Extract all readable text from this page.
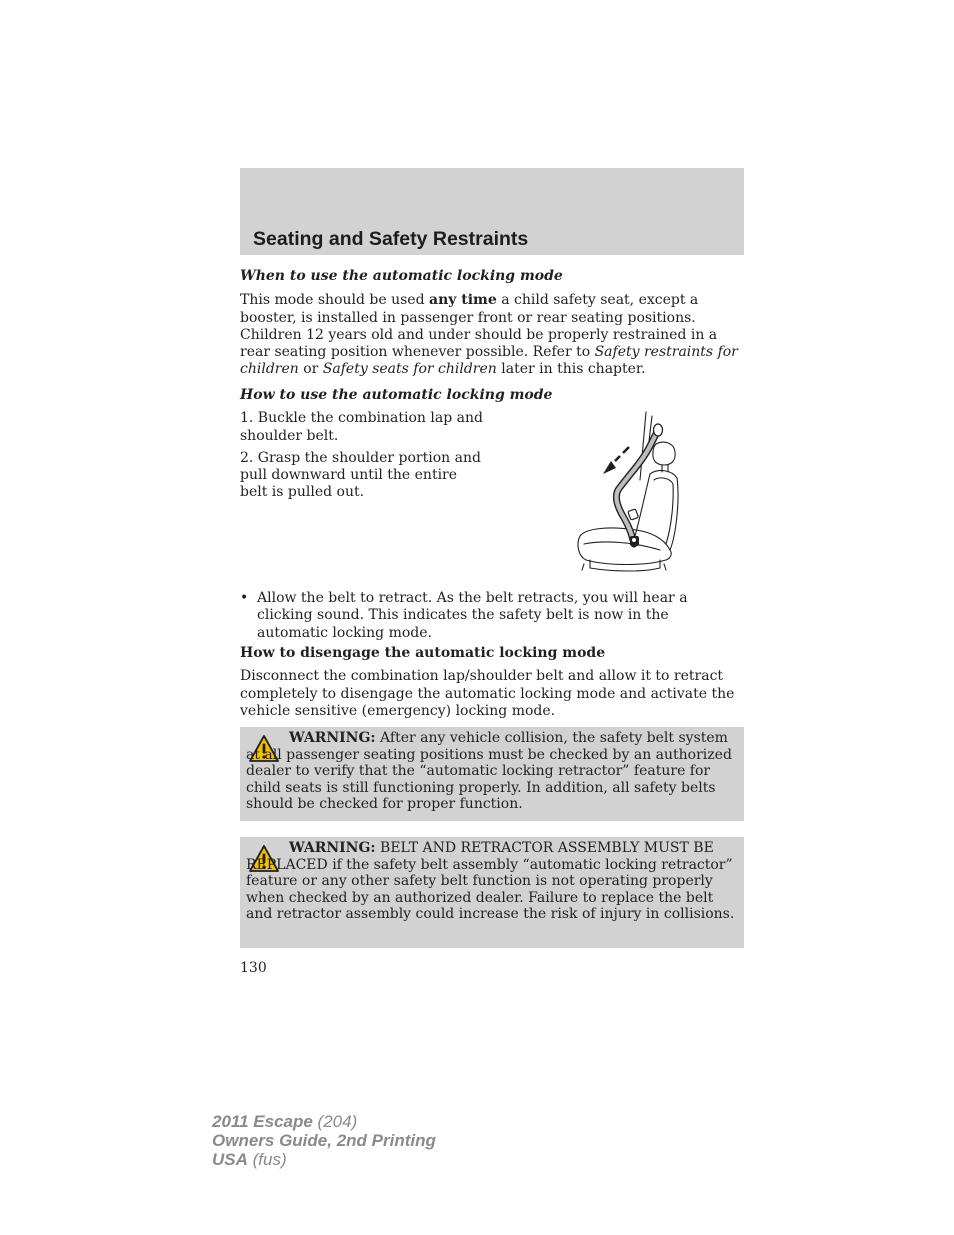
Seating and Safety Restraints

When to use the automatic locking mode

This mode should be used any time a child safety seat, except a booster, is installed in passenger front or rear seating positions. Children 12 years old and under should be properly restrained in a rear seating position whenever possible. Refer to Safety restraints for children or Safety seats for children later in this chapter.

How to use the automatic locking mode

1. Buckle the combination lap and shoulder belt.

2. Grasp the shoulder portion and pull downward until the entire belt is pulled out.

• Allow the belt to retract. As the belt retracts, you will hear a clicking sound. This indicates the safety belt is now in the automatic locking mode.

How to disengage the automatic locking mode

Disconnect the combination lap/shoulder belt and allow it to retract completely to disengage the automatic locking mode and activate the vehicle sensitive (emergency) locking mode.

WARNING: After any vehicle collision, the safety belt system at all passenger seating positions must be checked by an authorized dealer to verify that the “automatic locking retractor” feature for child seats is still functioning properly. In addition, all safety belts should be checked for proper function.

WARNING: BELT AND RETRACTOR ASSEMBLY MUST BE REPLACED if the safety belt assembly “automatic locking retractor” feature or any other safety belt function is not operating properly when checked by an authorized dealer. Failure to replace the belt and retractor assembly could increase the risk of injury in collisions.

130
2011 Escape (204)
Owners Guide, 2nd Printing
USA (fus)
